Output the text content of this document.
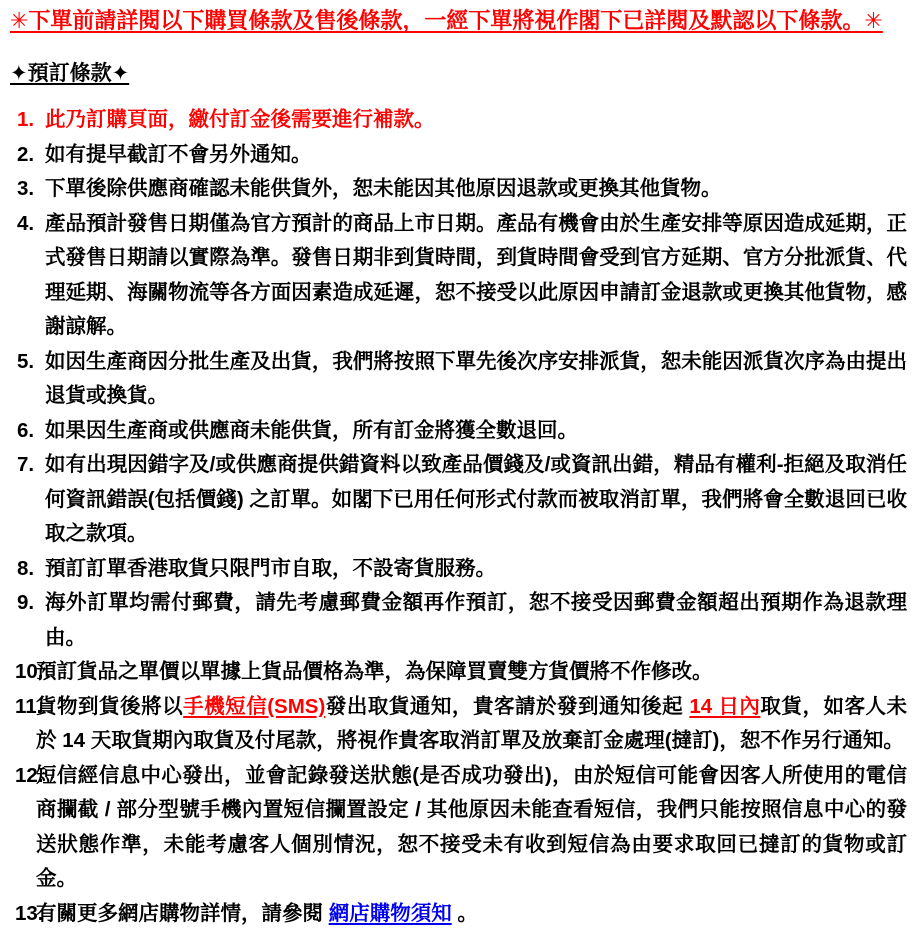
✳下單前請詳閱以下購買條款及售後條款，一經下單將視作閣下已詳閱及默認以下條款。✳
✦預訂條款✦
1. 此乃訂購頁面，繳付訂金後需要進行補款。
2. 如有提早截訂不會另外通知。
3. 下單後除供應商確認未能供貨外，恕未能因其他原因退款或更換其他貨物。
4. 產品預計發售日期僅為官方預計的商品上市日期。產品有機會由於生產安排等原因造成延期，正式發售日期請以實際為準。發售日期非到貨時間，到貨時間會受到官方延期、官方分批派貨、代理延期、海關物流等各方面因素造成延遲，恕不接受以此原因申請訂金退款或更換其他貨物，感謝諒解。
5. 如因生產商因分批生產及出貨，我們將按照下單先後次序安排派貨，恕未能因派貨次序為由提出退貨或換貨。
6. 如果因生產商或供應商未能供貨，所有訂金將獲全數退回。
7. 如有出現因錯字及/或供應商提供錯資料以致產品價錢及/或資訊出錯，精品有權利-拒絕及取消任何資訊錯誤(包括價錢) 之訂單。如閣下已用任何形式付款而被取消訂單，我們將會全數退回已收取之款項。
8. 預訂訂單香港取貨只限門市自取，不設寄貨服務。
9. 海外訂單均需付郵費，請先考慮郵費金額再作預訂，恕不接受因郵費金額超出預期作為退款理由。
10.
預訂貨品之單價以單據上貨品價格為準，為保障買賣雙方貨價將不作修改。
11.
貨物到貨後將以手機短信(SMS)發出取貨通知，貴客請於發到通知後起 14 日內取貨，如客人未於 14 天取貨期內取貨及付尾款，將視作貴客取消訂單及放棄訂金處理(撻訂)，恕不作另行通知。
12.
短信經信息中心發出，並會記錄發送狀態(是否成功發出)，由於短信可能會因客人所使用的電信商攔截 / 部分型號手機內置短信攔置設定 / 其他原因未能查看短信，我們只能按照信息中心的發送狀態作準，未能考慮客人個別情況，恕不接受未有收到短信為由要求取回已撻訂的貨物或訂金。
13.
有關更多網店購物詳情，請參閱 網店購物須知 。
